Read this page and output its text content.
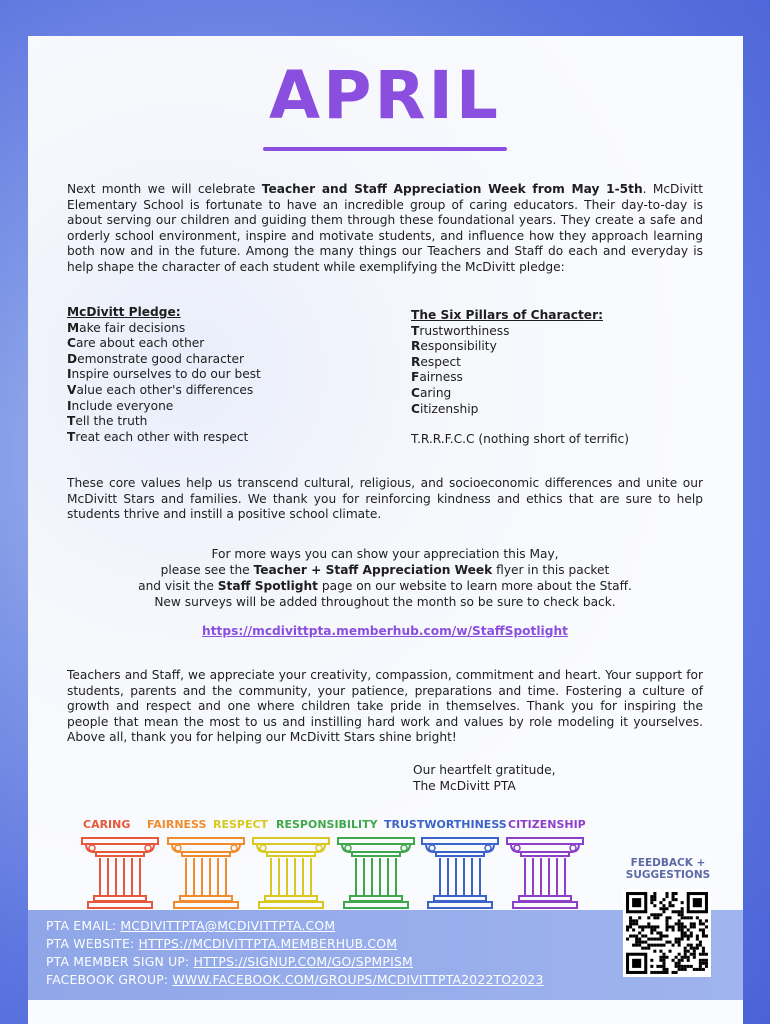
APRIL

Next month we will celebrate Teacher and Staff Appreciation Week from May 1-5th. McDivitt Elementary School is fortunate to have an incredible group of caring educators. Their day-to-day is about serving our children and guiding them through these foundational years. They create a safe and orderly school environment, inspire and motivate students, and influence how they approach learning both now and in the future. Among the many things our Teachers and Staff do each and everyday is help shape the character of each student while exemplifying the McDivitt pledge:

McDivitt Pledge:
Make fair decisions
Care about each other
Demonstrate good character
Inspire ourselves to do our best
Value each other's differences
Include everyone
Tell the truth
Treat each other with respect
The Six Pillars of Character:
Trustworthiness
Responsibility
Respect
Fairness
Caring
Citizenship
T.R.R.F.C.C (nothing short of terrific)

These core values help us transcend cultural, religious, and socioeconomic differences and unite our McDivitt Stars and families. We thank you for reinforcing kindness and ethics that are sure to help students thrive and instill a positive school climate.

For more ways you can show your appreciation this May,
please see the Teacher + Staff Appreciation Week flyer in this packet
and visit the Staff Spotlight page on our website to learn more about the Staff.
New surveys will be added throughout the month so be sure to check back.
https://mcdivittpta.memberhub.com/w/StaffSpotlight

Teachers and Staff, we appreciate your creativity, compassion, commitment and heart. Your support for students, parents and the community, your patience, preparations and time. Fostering a culture of growth and respect and one where children take pride in themselves. Thank you for inspiring the people that mean the most to us and instilling hard work and values by role modeling it yourselves. Above all, thank you for helping our McDivitt Stars shine bright!

Our heartfelt gratitude,
The McDivitt PTA
CARING FAIRNESS RESPECT RESPONSIBILITY TRUSTWORTHINESS CITIZENSHIP
FEEDBACK +
SUGGESTIONS
PTA EMAIL: MCDIVITTPTA@MCDIVITTPTA.COM
PTA WEBSITE: HTTPS://MCDIVITTPTA.MEMBERHUB.COM
PTA MEMBER SIGN UP: HTTPS://SIGNUP.COM/GO/SPMPISM
FACEBOOK GROUP: WWW.FACEBOOK.COM/GROUPS/MCDIVITTPTA2022TO2023
